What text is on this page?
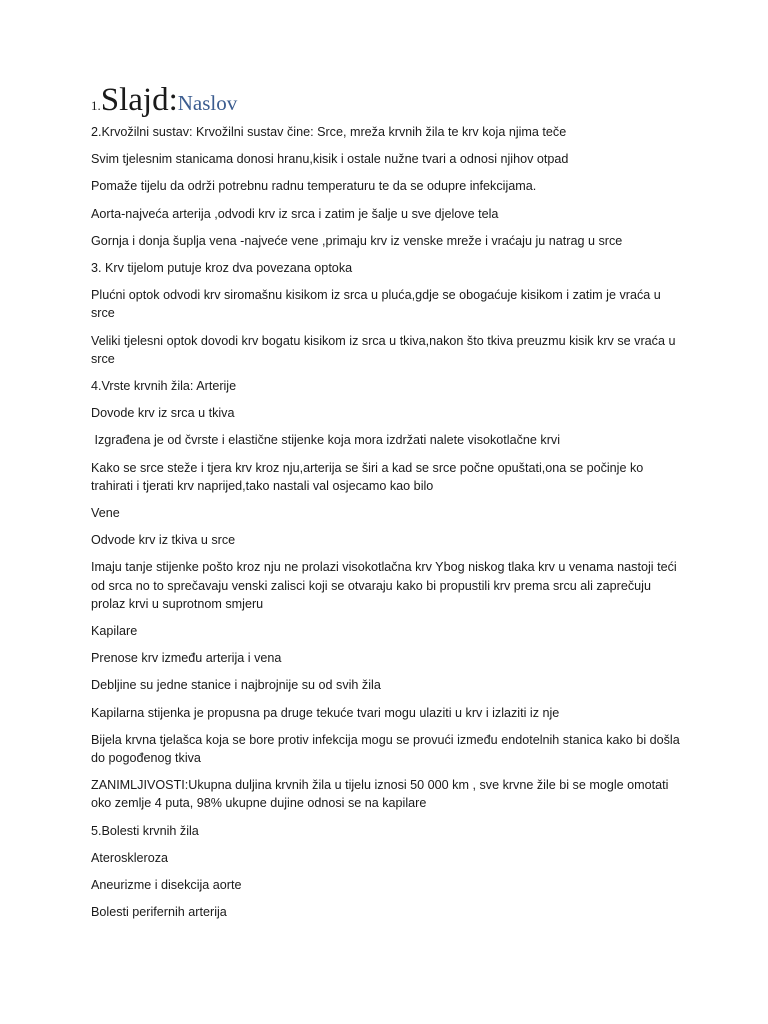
1.Slajd:Naslov

2.Krvožilni sustav: Krvožilni sustav čine: Srce, mreža krvnih žila te krv koja njima teče

Svim tjelesnim stanicama donosi hranu,kisik i ostale nužne tvari a odnosi njihov otpad

Pomaže tijelu da održi potrebnu radnu temperaturu te da se odupre infekcijama.

Aorta-najveća arterija ,odvodi krv iz srca i zatim je šalje u sve djelove tela

Gornja i donja šuplja vena -najveće vene ,primaju krv iz venske mreže i vraćaju ju natrag u srce

3. Krv tijelom putuje kroz dva povezana optoka

Plućni optok odvodi krv siromašnu kisikom iz srca u pluća,gdje se obogaćuje kisikom i zatim je vraća u srce

Veliki tjelesni optok dovodi krv bogatu kisikom iz srca u tkiva,nakon što tkiva preuzmu kisik krv se vraća u srce

4.Vrste krvnih žila: Arterije

Dovode krv iz srca u tkiva

Izgrađena je od čvrste i elastične stijenke koja mora izdržati nalete visokotlačne krvi

Kako se srce steže i tjera krv kroz nju,arterija se širi a kad se srce počne opuštati,ona se počinje ko trahirati i tjerati krv naprijed,tako nastali val osjecamo kao bilo

Vene

Odvode krv iz tkiva u srce

Imaju tanje stijenke pošto kroz nju ne prolazi visokotlačna krv Ybog niskog tlaka krv u venama nastoji teći od srca no to sprečavaju venski zalisci koji se otvaraju kako bi propustili krv prema srcu ali zaprečuju prolaz krvi u suprotnom smjeru

Kapilare

Prenose krv između arterija i vena

Debljine su jedne stanice i najbrojnije su od svih žila

Kapilarna stijenka je propusna pa druge tekuće tvari mogu ulaziti u krv i izlaziti iz nje

Bijela krvna tjelašca koja se bore protiv infekcija mogu se provući između endotelnih stanica kako bi došla do pogođenog tkiva

ZANIMLJIVOSTI:Ukupna duljina krvnih žila u tijelu iznosi 50 000 km , sve krvne žile bi se mogle omotati oko zemlje 4 puta, 98% ukupne dujine odnosi se na kapilare

5.Bolesti krvnih žila

Ateroskleroza

Aneurizme i disekcija aorte

Bolesti perifernih arterija
